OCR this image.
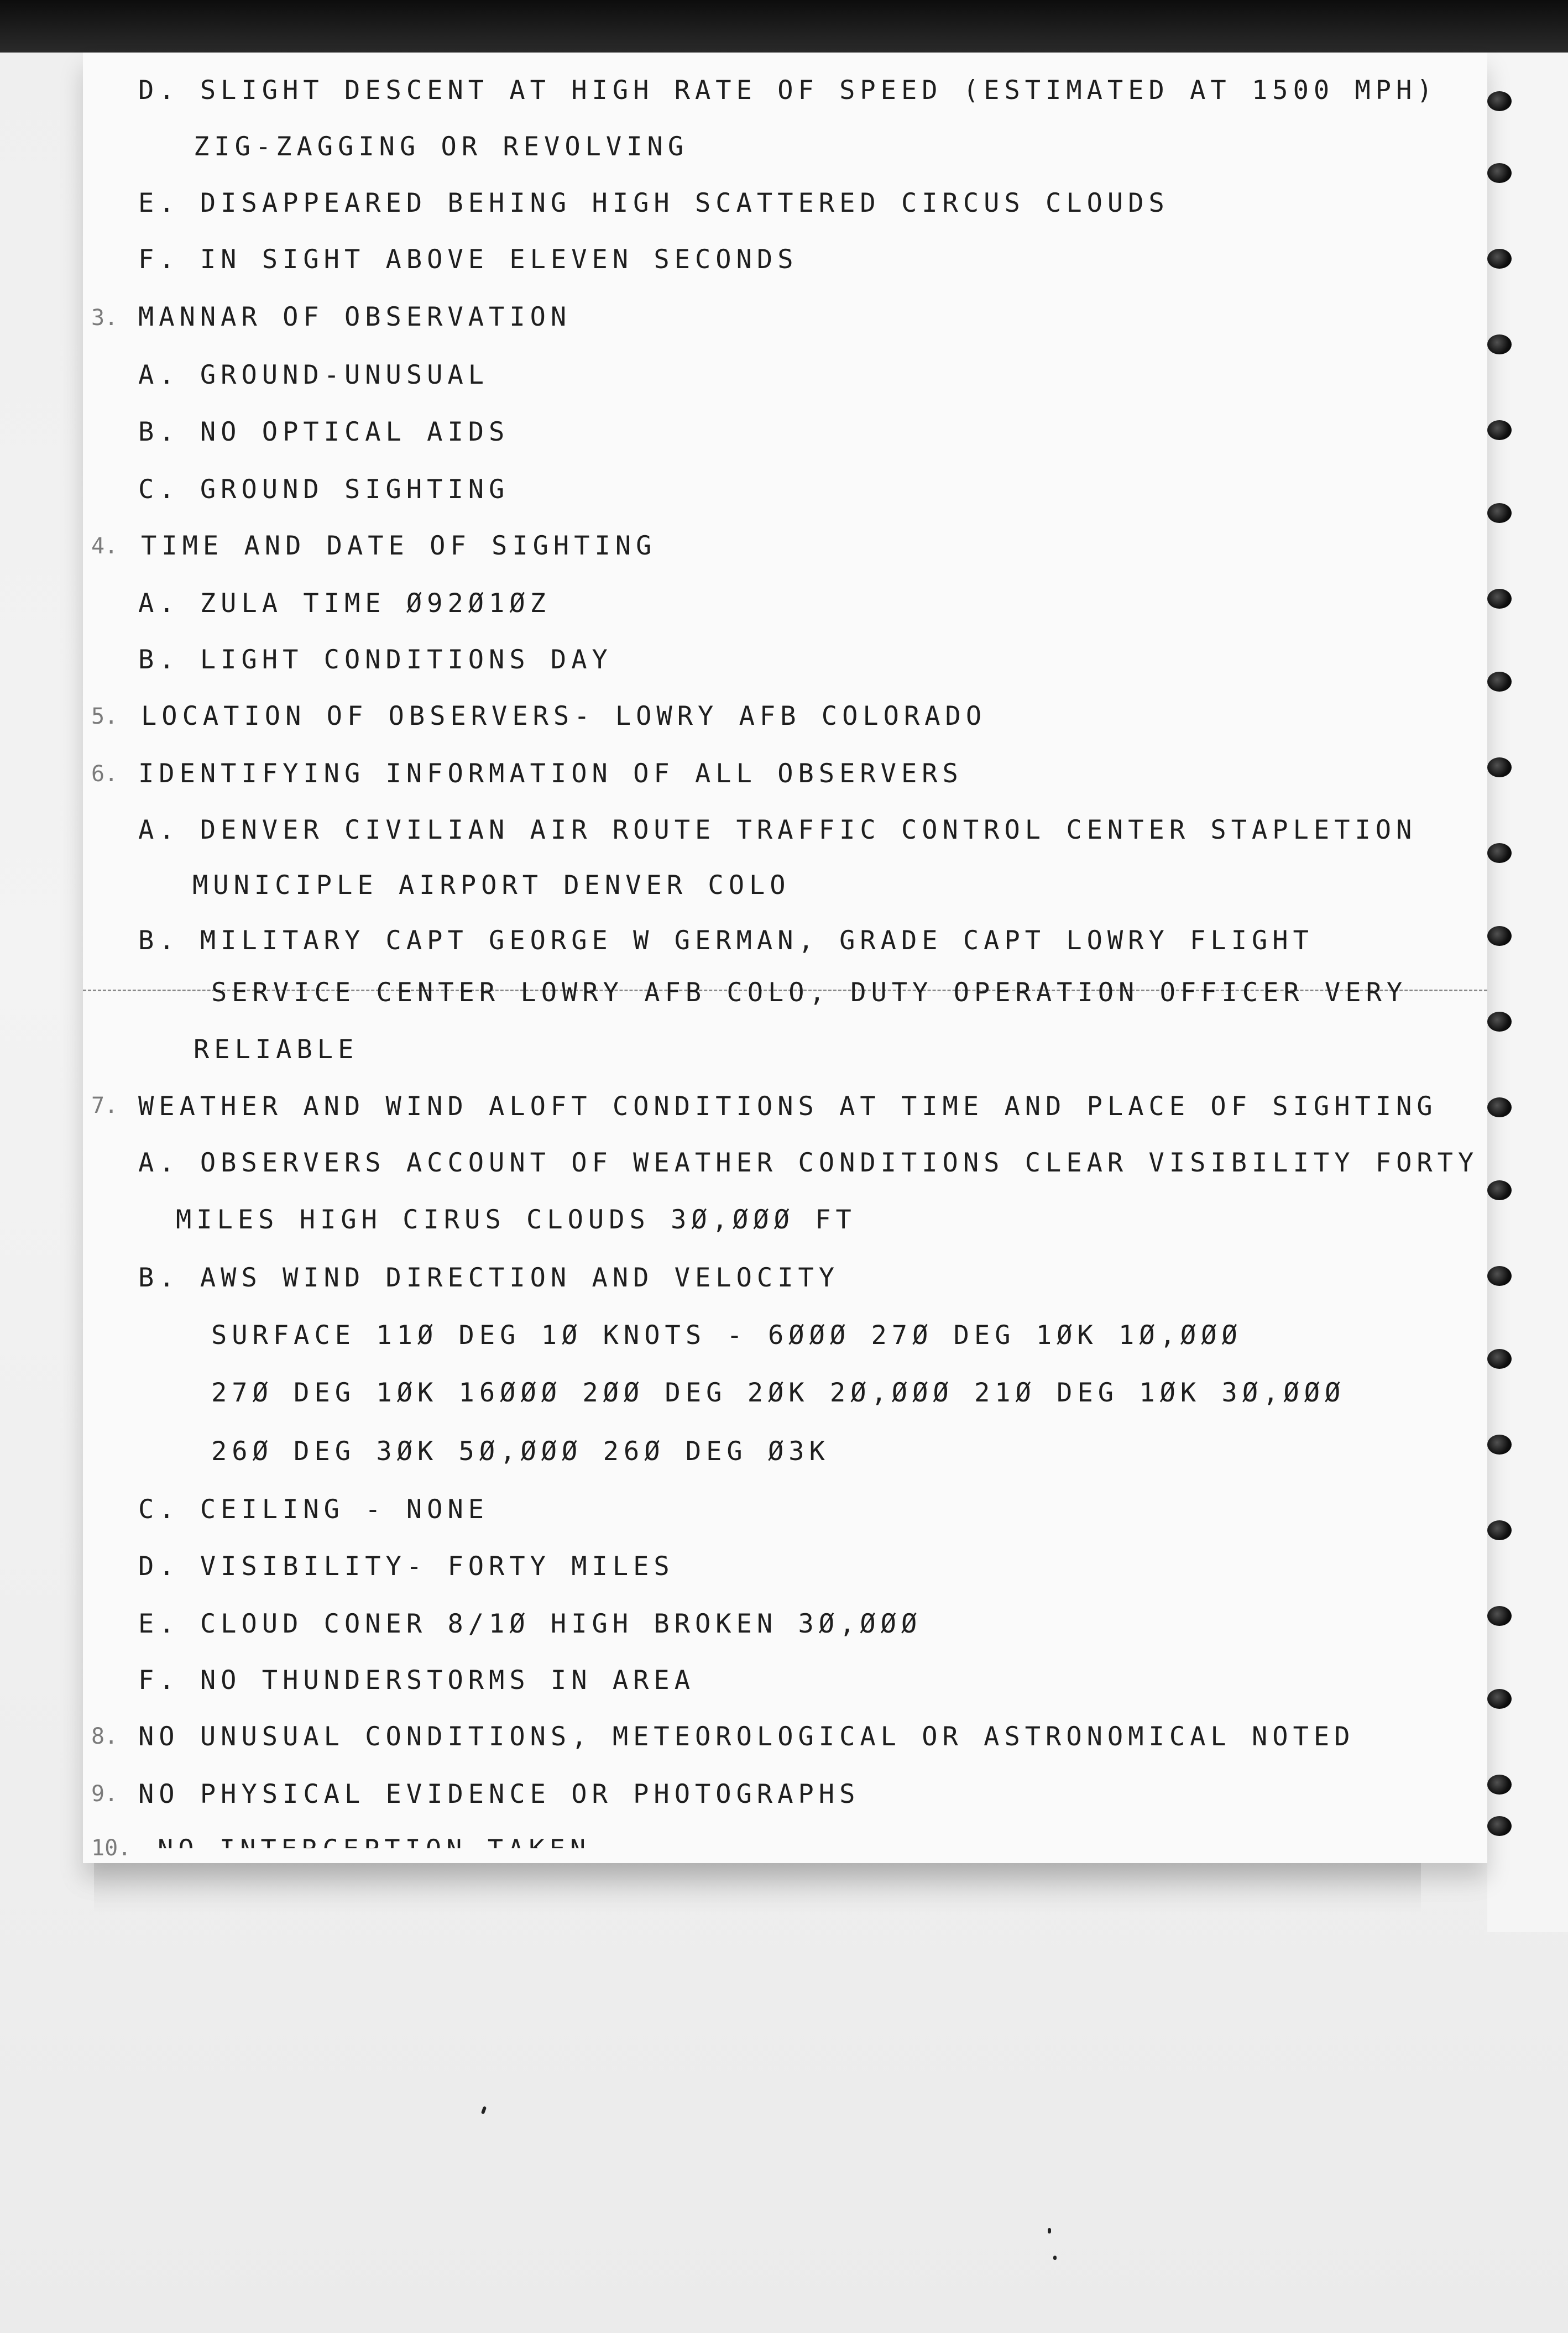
3.
4.
5.
6.
7.
8.
9.
10.

D. SLIGHT DESCENT AT HIGH RATE OF SPEED (ESTIMATED AT 1500 MPH)

ZIG-ZAGGING OR REVOLVING

E. DISAPPEARED BEHING HIGH SCATTERED CIRCUS CLOUDS

F. IN SIGHT ABOVE ELEVEN SECONDS

MANNAR OF OBSERVATION

A. GROUND-UNUSUAL

B. NO OPTICAL AIDS

C. GROUND SIGHTING

TIME AND DATE OF SIGHTING

A. ZULA TIME Ø92Ø1ØZ

B. LIGHT CONDITIONS DAY

LOCATION OF OBSERVERS- LOWRY AFB COLORADO

IDENTIFYING INFORMATION OF ALL OBSERVERS

A. DENVER CIVILIAN AIR ROUTE TRAFFIC CONTROL CENTER STAPLETION

MUNICIPLE AIRPORT DENVER COLO

B. MILITARY CAPT GEORGE W GERMAN, GRADE CAPT LOWRY FLIGHT

SERVICE CENTER LOWRY AFB COLO, DUTY OPERATION OFFICER VERY

RELIABLE

WEATHER AND WIND ALOFT CONDITIONS AT TIME AND PLACE OF SIGHTING

A. OBSERVERS ACCOUNT OF WEATHER CONDITIONS CLEAR VISIBILITY FORTY

MILES HIGH CIRUS CLOUDS 3Ø,ØØØ FT

B. AWS WIND DIRECTION AND VELOCITY

SURFACE 11Ø DEG 1Ø KNOTS - 6ØØØ 27Ø DEG 1ØK 1Ø,ØØØ

27Ø DEG 1ØK 16ØØØ 2ØØ DEG 2ØK 2Ø,ØØØ 21Ø DEG 1ØK 3Ø,ØØØ

26Ø DEG 3ØK 5Ø,ØØØ 26Ø DEG Ø3K

C. CEILING - NONE

D. VISIBILITY- FORTY MILES

E. CLOUD CONER 8/1Ø HIGH BROKEN 3Ø,ØØØ

F. NO THUNDERSTORMS IN AREA

NO UNUSUAL CONDITIONS, METEOROLOGICAL OR ASTRONOMICAL NOTED

NO PHYSICAL EVIDENCE OR PHOTOGRAPHS
